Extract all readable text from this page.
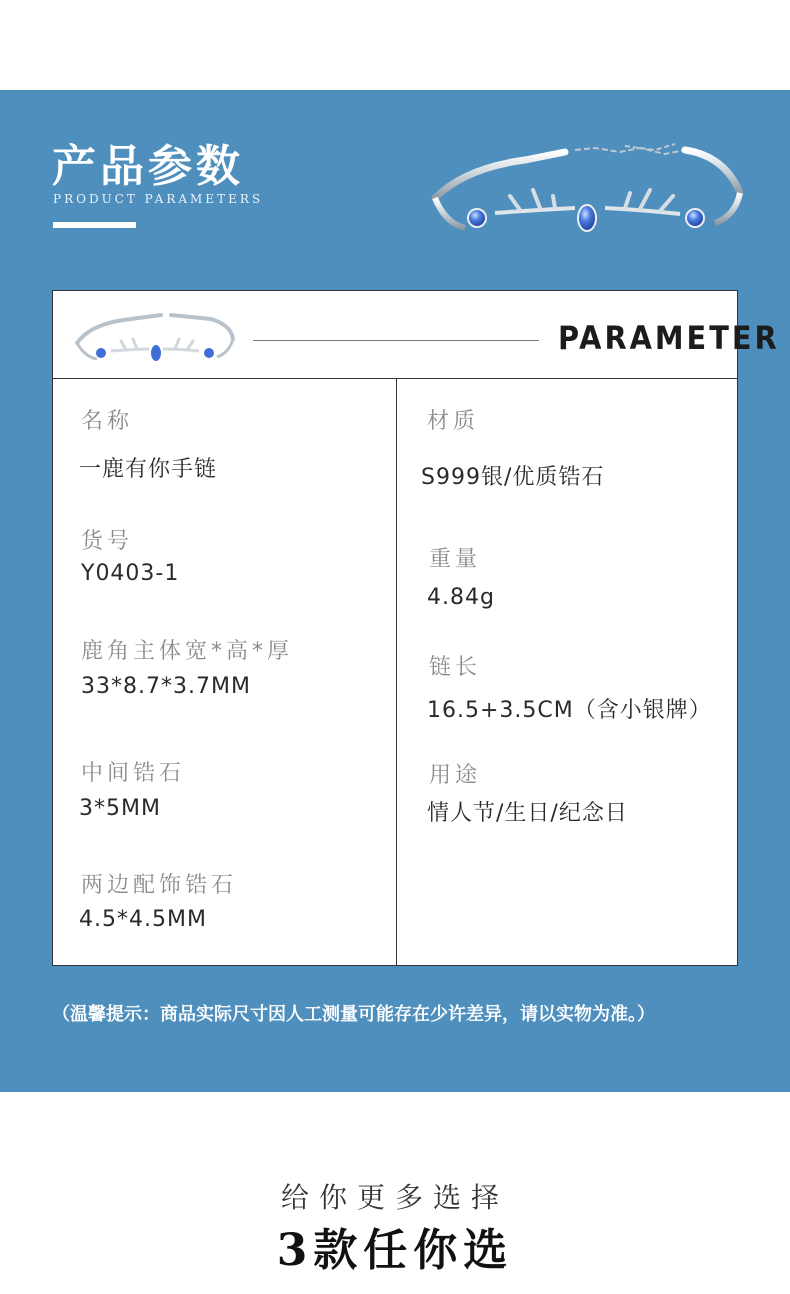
产品参数
PRODUCT PARAMETERS
PARAMETER
名称
一鹿有你手链
货号
Y0403-1
鹿角主体宽*高*厚
33*8.7*3.7MM
中间锆石
3*5MM
两边配饰锆石
4.5*4.5MM
材质
S999银/优质锆石
重量
4.84g
链长
16.5+3.5CM（含小银牌）
用途
情人节/生日/纪念日
（温馨提示：商品实际尺寸因人工测量可能存在少许差异，请以实物为准。）
给你更多选择
3款任你选
